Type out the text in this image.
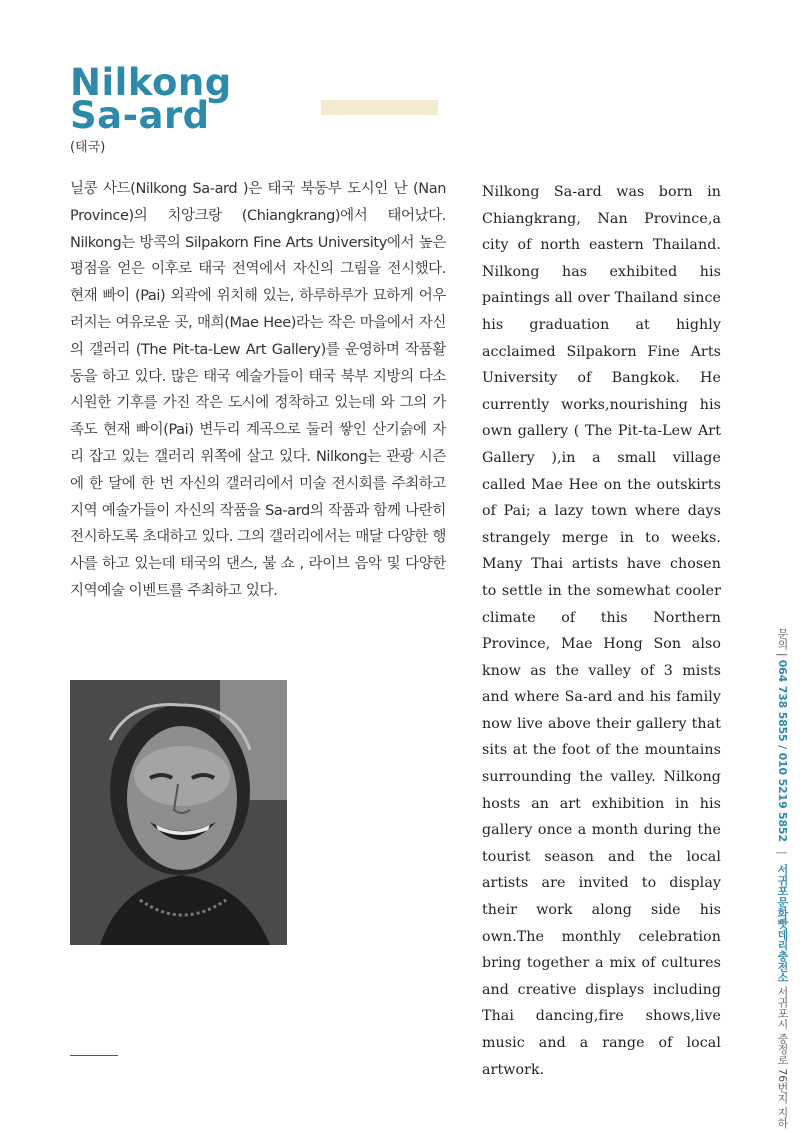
Nilkong
Sa-ard
(태국)

닐콩 사드(Nilkong Sa-ard )은 태국 북동부 도시인 난 (Nan Province)의 치앙크랑 (Chiangkrang)에서 태어났다. Nilkong는 방콕의 Silpakorn Fine Arts University에서 높은 평점을 얻은 이후로 태국 전역에서 자신의 그림을 전시했다. 현재 빠이 (Pai) 외곽에 위치해 있는, 하루하루가 묘하게 어우러지는 여유로운 곳, 매희(Mae Hee)라는 작은 마을에서 자신의 갤러리 (The Pit-ta-Lew Art Gallery)를 운영하며 작품활동을 하고 있다. 많은 태국 예술가들이 태국 북부 지방의 다소 시원한 기후를 가진 작은 도시에 정착하고 있는데 와 그의 가족도 현재 빠이(Pai) 변두리 계곡으로 둘러 쌓인 산기슭에 자리 잡고 있는 갤러리 위쪽에 살고 있다. Nilkong는 관광 시즌에 한 달에 한 번 자신의 갤러리에서 미술 전시회를 주최하고 지역 예술가들이 자신의 작품을 Sa-ard의 작품과 함께 나란히 전시하도록 초대하고 있다. 그의 갤러리에서는 매달 다양한 행사를 하고 있는데 태국의 댄스, 불 쇼 , 라이브 음악 및 다양한 지역예술 이벤트를 주최하고 있다.

Nilkong Sa-ard was born in Chiangkrang, Nan Province,a city of north eastern Thailand. Nilkong has exhibited his paintings all over Thailand since his graduation at highly acclaimed Silpakorn Fine Arts University of Bangkok. He currently works,nourishing his own gallery ( The Pit-ta-Lew Art Gallery ),in a small village called Mae Hee on the outskirts of Pai; a lazy town where days strangely merge in to weeks. Many Thai artists have chosen to settle in the somewhat cooler climate of this Northern Province, Mae Hong Son also know as the valley of 3 mists and where Sa-ard and his family now live above their gallery that sits at the foot of the mountains surrounding the valley. Nilkong hosts an art exhibition in his gallery once a month during the tourist season and the local artists are invited to display their work along side his own.The monthly celebration bring together a mix of cultures and creative displays including Thai dancing,fire shows,live music and a range of local artwork.

문의 | 064 738 5855 / 010 5219 5852 | 서귀포문화빳데리충전소 서귀포시 중정로 76번지 지하
